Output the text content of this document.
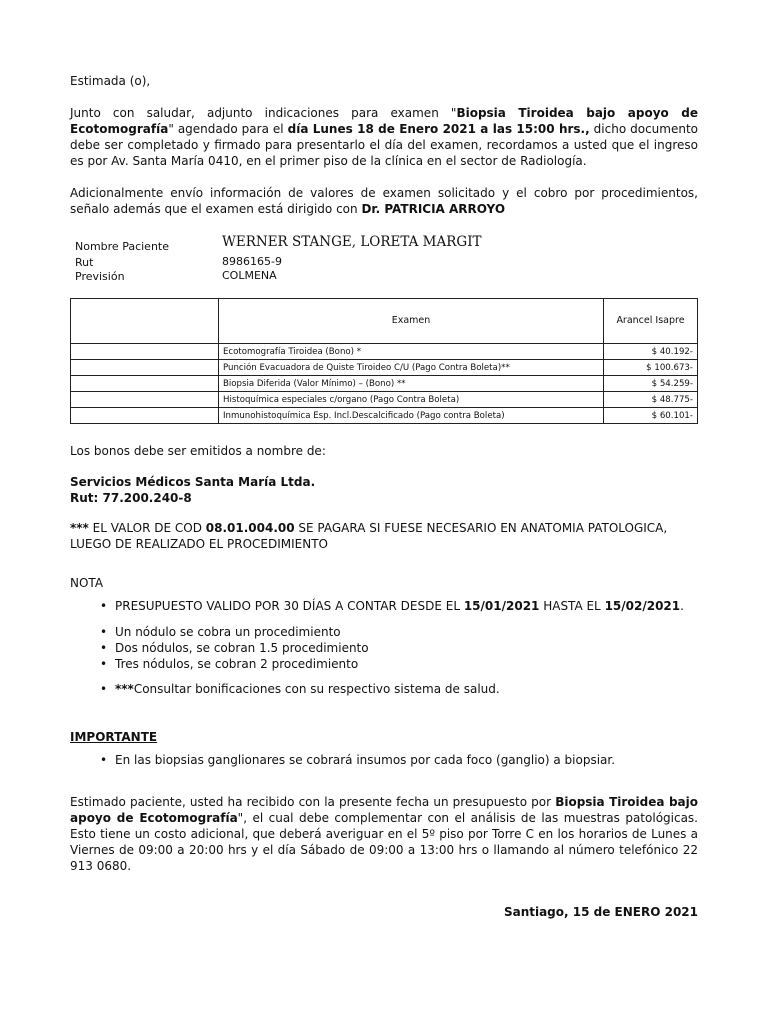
Estimada (o),
Junto con saludar, adjunto indicaciones para examen "Biopsia Tiroidea bajo apoyo de Ecotomografía" agendado para el día Lunes 18 de Enero 2021 a las 15:00 hrs., dicho documento debe ser completado y firmado para presentarlo el día del examen, recordamos a usted que el ingreso es por Av. Santa María 0410, en el primer piso de la clínica en el sector de Radiología.
Adicionalmente envío información de valores de examen solicitado y el cobro por procedimientos, señalo además que el examen está dirigido con Dr. PATRICIA ARROYO
Nombre Paciente	WERNER STANGE, LORETA MARGIT
Rut	8986165-9
Previsión	COLMENA
	Examen	Arancel Isapre
	Ecotomografía Tiroidea (Bono) *	$ 40.192-
	Punción Evacuadora de Quiste Tiroideo C/U (Pago Contra Boleta)**	$ 100.673-
	Biopsia Diferida (Valor Mínimo) – (Bono) **	$ 54.259-
	Histoquímica especiales c/organo (Pago Contra Boleta)	$ 48.775-
	Inmunohistoquímica Esp. Incl.Descalcificado (Pago contra Boleta)	$ 60.101-
Los bonos debe ser emitidos a nombre de:
Servicios Médicos Santa María Ltda.
Rut: 77.200.240-8
*** EL VALOR DE COD 08.01.004.00 SE PAGARA SI FUESE NECESARIO EN ANATOMIA PATOLOGICA, LUEGO DE REALIZADO EL PROCEDIMIENTO
NOTA
• PRESUPUESTO VALIDO POR 30 DÍAS A CONTAR DESDE EL 15/01/2021 HASTA EL 15/02/2021.
• Un nódulo se cobra un procedimiento
• Dos nódulos, se cobran 1.5 procedimiento
• Tres nódulos, se cobran 2 procedimiento
• ***Consultar bonificaciones con su respectivo sistema de salud.
IMPORTANTE
• En las biopsias ganglionares se cobrará insumos por cada foco (ganglio) a biopsiar.
Estimado paciente, usted ha recibido con la presente fecha un presupuesto por Biopsia Tiroidea bajo apoyo de Ecotomografía", el cual debe complementar con el análisis de las muestras patológicas. Esto tiene un costo adicional, que deberá averiguar en el 5º piso por Torre C en los horarios de Lunes a Viernes de 09:00 a 20:00 hrs y el día Sábado de 09:00 a 13:00 hrs o llamando al número telefónico 22 913 0680.
Santiago, 15 de ENERO 2021
